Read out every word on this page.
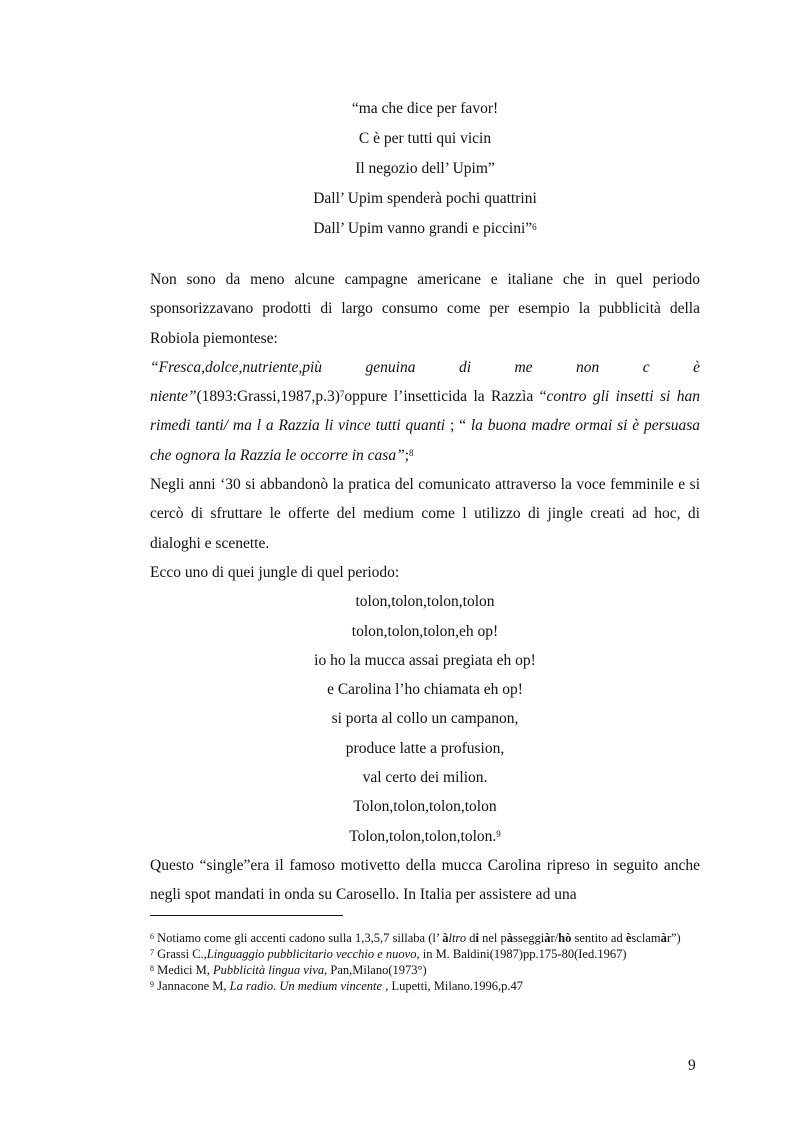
“ma che dice per favor!
C è per tutti qui vicin
Il negozio dell’ Upim”
Dall’ Upim spenderà pochi quattrini
Dall’ Upim vanno grandi e piccini”$^6$

Non sono da meno alcune campagne americane e italiane che in quel periodo sponsorizzavano prodotti di largo consumo come per esempio la pubblicità della Robiola piemontese:

“Fresca,dolce,nutriente,più genuina di me non c è niente”(1893:Grassi,1987,p.3)$^7$oppure l’insetticida la Razzìa “contro gli insetti si han rimedi tanti/ ma l a Razzia li vince tutti quanti ; “ la buona madre ormai si è persuasa che ognora la Razzia le occorre in casa”;$^8$

Negli anni ‘30 si abbandonò la pratica del comunicato attraverso la voce femminile e si cercò di sfruttare le offerte del medium come l utilizzo di jingle creati ad hoc, di dialoghi e scenette.

Ecco uno di quei jungle di quel periodo:

tolon,tolon,tolon,tolon
tolon,tolon,tolon,eh op!
io ho la mucca assai pregiata eh op!
e Carolina l’ho chiamata eh op!
si porta al collo un campanon,
produce latte a profusion,
val certo dei milion.
Tolon,tolon,tolon,tolon
Tolon,tolon,tolon,tolon.$^9$

Questo “single”era il famoso motivetto della mucca Carolina ripreso in seguito anche negli spot mandati in onda su Carosello. In Italia per assistere ad una

$^6$ Notiamo come gli accenti cadono sulla 1,3,5,7 sillaba (l’ àltro di nel pàsseggiàr/hò sentito ad èsclamàr”)

$^7$ Grassi C.,Linguaggio pubblicitario vecchio e nuovo, in M. Baldini(1987)pp.175-80(Ied.1967)

$^8$ Medici M, Pubblicità lingua viva, Pan,Milano(1973°)

$^9$ Jannacone M, La radio. Un medium vincente , Lupetti, Milano.1996,p.47

9
